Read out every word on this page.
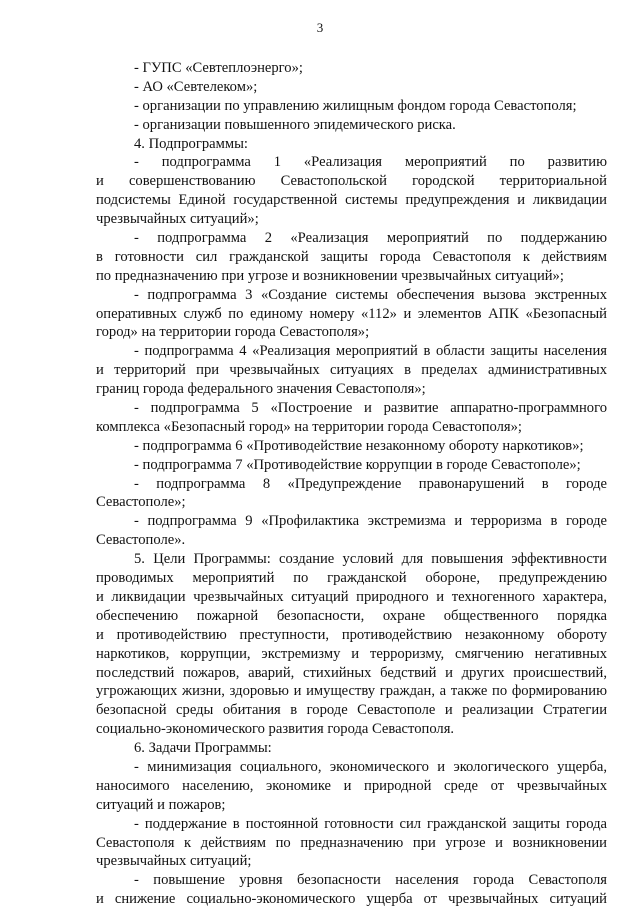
3
- ГУПС «Севтеплоэнерго»;
- АО «Севтелеком»;
- организации по управлению жилищным фондом города Севастополя;
- организации повышенного эпидемического риска.
4. Подпрограммы:
- подпрограмма 1 «Реализация мероприятий по развитию
и совершенствованию Севастопольской городской территориальной
подсистемы Единой государственной системы предупреждения и ликвидации
чрезвычайных ситуаций»;
- подпрограмма 2 «Реализация мероприятий по поддержанию
в готовности сил гражданской защиты города Севастополя к действиям
по предназначению при угрозе и возникновении чрезвычайных ситуаций»;
- подпрограмма 3 «Создание системы обеспечения вызова экстренных
оперативных служб по единому номеру «112» и элементов АПК «Безопасный
город» на территории города Севастополя»;
- подпрограмма 4 «Реализация мероприятий в области защиты населения
и территорий при чрезвычайных ситуациях в пределах административных
границ города федерального значения Севастополя»;
- подпрограмма 5 «Построение и развитие аппаратно-программного
комплекса «Безопасный город» на территории города Севастополя»;
- подпрограмма 6 «Противодействие незаконному обороту наркотиков»;
- подпрограмма 7 «Противодействие коррупции в городе Севастополе»;
- подпрограмма 8 «Предупреждение правонарушений в городе
Севастополе»;
- подпрограмма 9 «Профилактика экстремизма и терроризма в городе
Севастополе».
5. Цели Программы: создание условий для повышения эффективности
проводимых мероприятий по гражданской обороне, предупреждению
и ликвидации чрезвычайных ситуаций природного и техногенного характера,
обеспечению пожарной безопасности, охране общественного порядка
и противодействию преступности, противодействию незаконному обороту
наркотиков, коррупции, экстремизму и терроризму, смягчению негативных
последствий пожаров, аварий, стихийных бедствий и других происшествий,
угрожающих жизни, здоровью и имуществу граждан, а также по формированию
безопасной среды обитания в городе Севастополе и реализации Стратегии
социально-экономического развития города Севастополя.
6. Задачи Программы:
- минимизация социального, экономического и экологического ущерба,
наносимого населению, экономике и природной среде от чрезвычайных
ситуаций и пожаров;
- поддержание в постоянной готовности сил гражданской защиты города
Севастополя к действиям по предназначению при угрозе и возникновении
чрезвычайных ситуаций;
- повышение уровня безопасности населения города Севастополя
и снижение социально-экономического ущерба от чрезвычайных ситуаций
